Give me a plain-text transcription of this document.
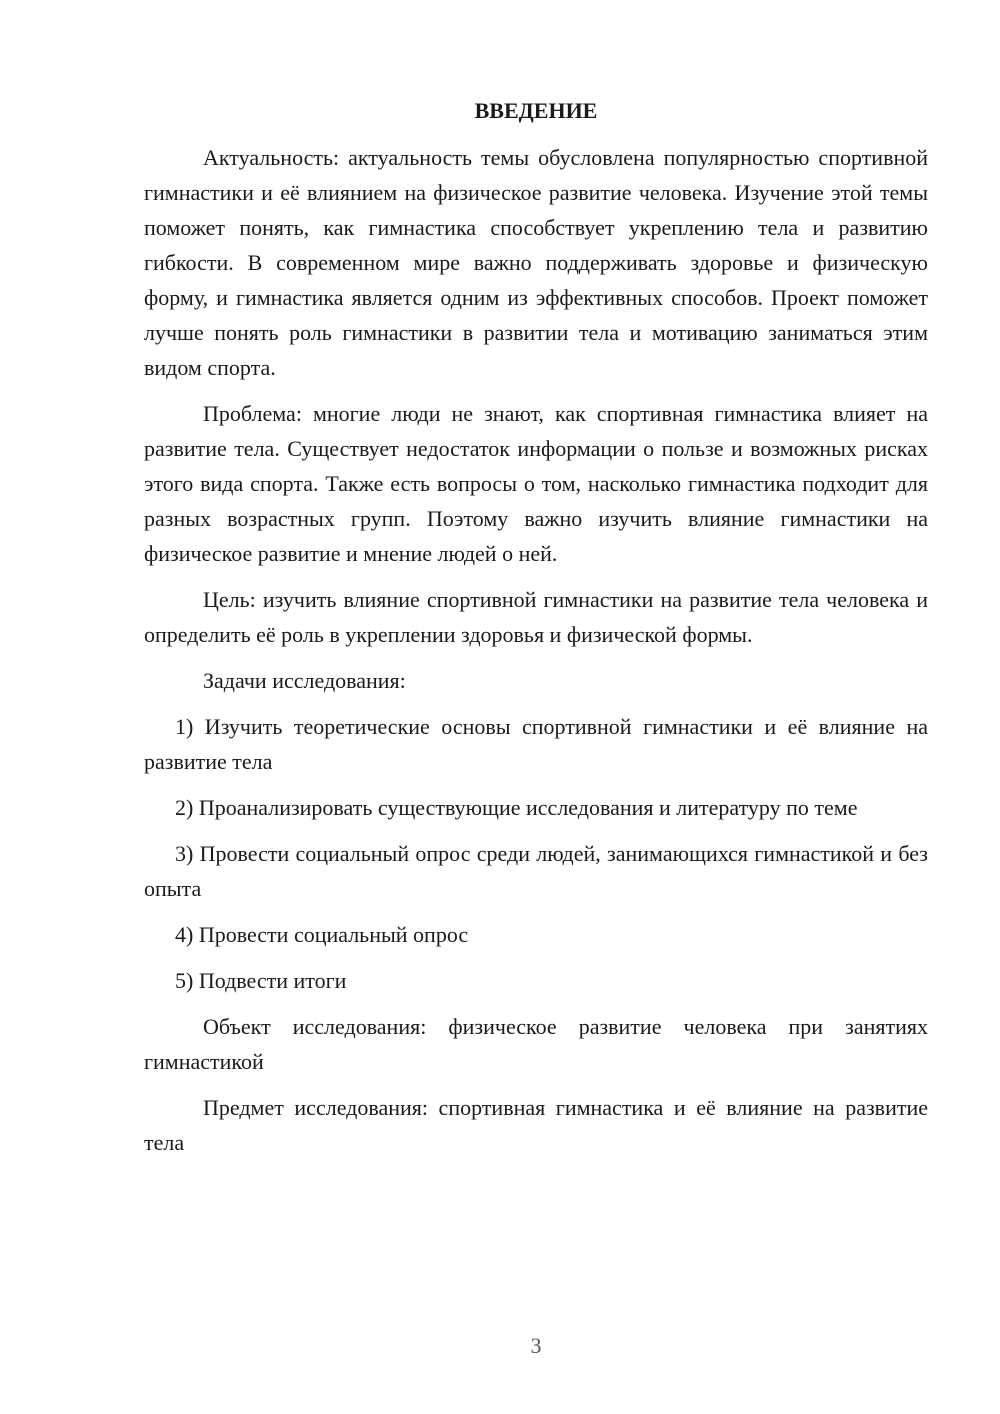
ВВЕДЕНИЕ

Актуальность: актуальность темы обусловлена популярностью спортивной гимнастики и её влиянием на физическое развитие человека. Изучение этой темы поможет понять, как гимнастика способствует укреплению тела и развитию гибкости. В современном мире важно поддерживать здоровье и физическую форму, и гимнастика является одним из эффективных способов. Проект поможет лучше понять роль гимнастики в развитии тела и мотивацию заниматься этим видом спорта.

Проблема: многие люди не знают, как спортивная гимнастика влияет на развитие тела. Существует недостаток информации о пользе и возможных рисках этого вида спорта. Также есть вопросы о том, насколько гимнастика подходит для разных возрастных групп. Поэтому важно изучить влияние гимнастики на физическое развитие и мнение людей о ней.

Цель: изучить влияние спортивной гимнастики на развитие тела человека и определить её роль в укреплении здоровья и физической формы.

Задачи исследования:

1) Изучить теоретические основы спортивной гимнастики и её влияние на развитие тела

2) Проанализировать существующие исследования и литературу по теме

3) Провести социальный опрос среди людей, занимающихся гимнастикой и без опыта

4) Провести социальный опрос

5) Подвести итоги

Объект исследования: физическое развитие человека при занятиях гимнастикой

Предмет исследования: спортивная гимнастика и её влияние на развитие тела

3
